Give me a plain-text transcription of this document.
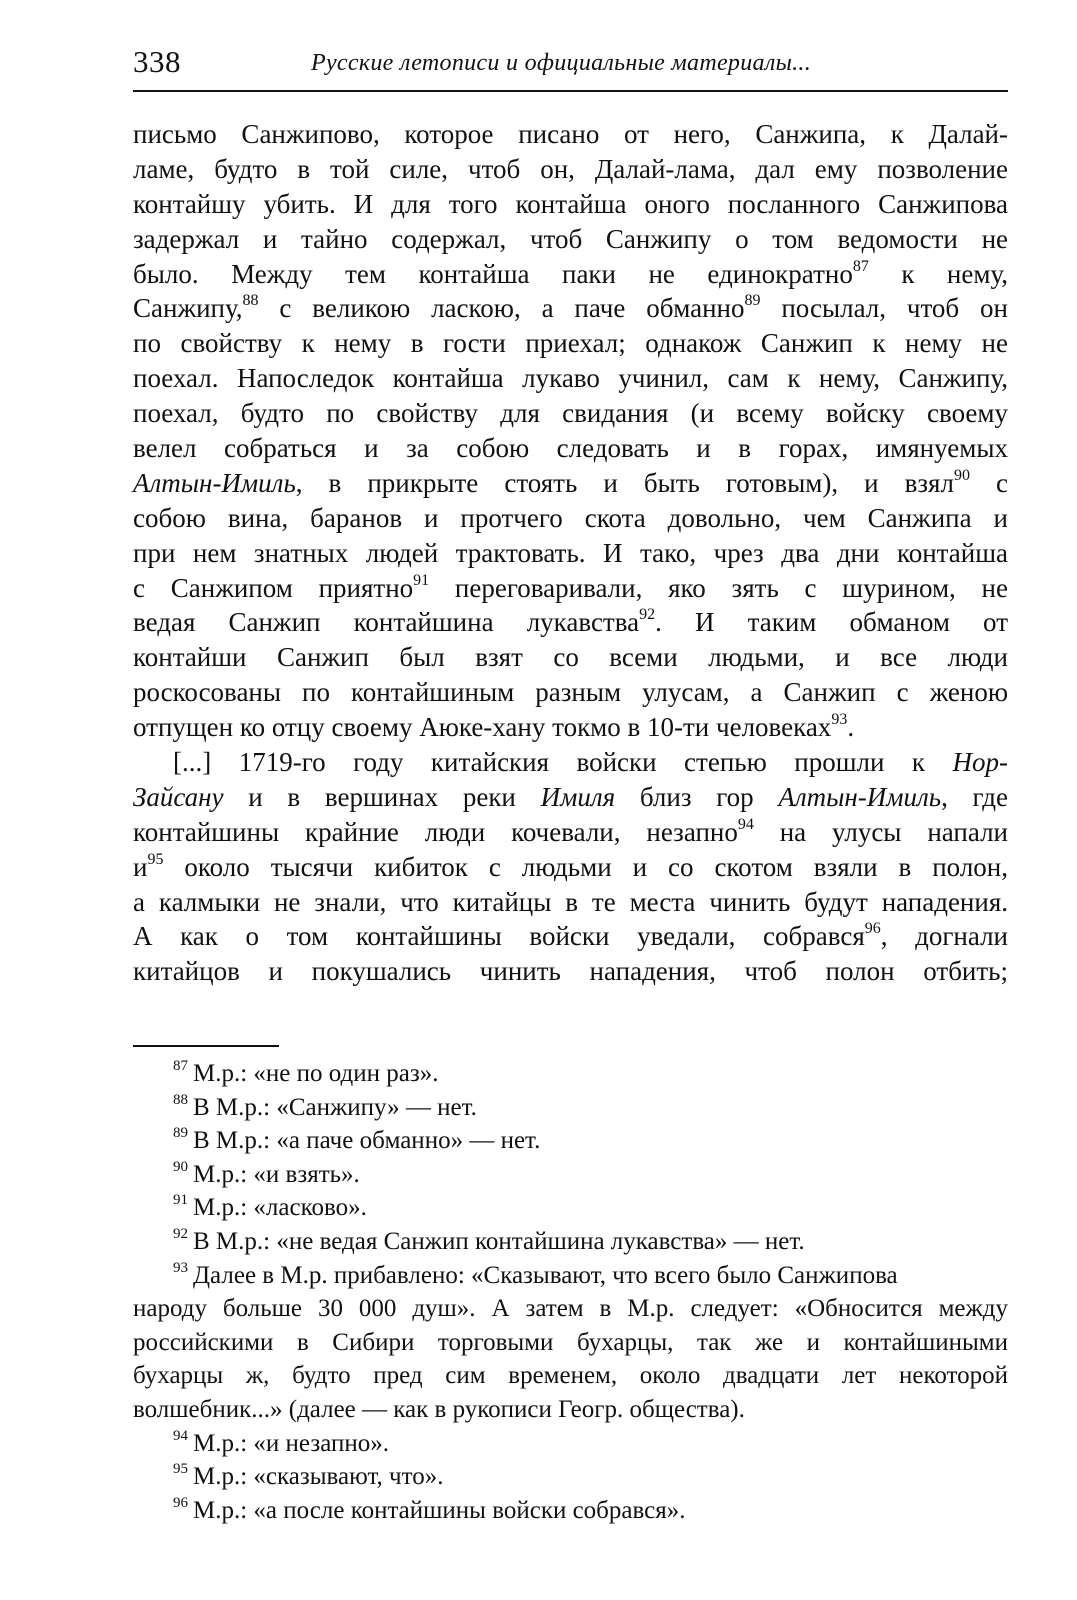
338	Русские летописи и официальные материалы...
письмо Санжипово, которое писано от него, Санжипа, к Далай-
ламе, будто в той силе, чтоб он, Далай-лама, дал ему позволение
контайшу убить. И для того контайша оного посланного Санжипова
задержал и тайно содержал, чтоб Санжипу о том ведомости не
было. Между тем контайша паки не единократно$^{87}$ к нему,
Санжипу,$^{88}$ с великою ласкою, а паче обманно$^{89}$ посылал, чтоб он
по свойству к нему в гости приехал; однакож Санжип к нему не
поехал. Напоследок контайша лукаво учинил, сам к нему, Санжипу,
поехал, будто по свойству для свидания (и всему войску своему
велел собраться и за собою следовать и в горах, имянуемых
Алтын-Имиль, в прикрыте стоять и быть готовым), и взял$^{90}$ с
собою вина, баранов и протчего скота довольно, чем Санжипа и
при нем знатных людей трактовать. И тако, чрез два дни контайша
с Санжипом приятно$^{91}$ переговаривали, яко зять с шурином, не
ведая Санжип контайшина лукавства$^{92}$. И таким обманом от
контайши Санжип был взят со всеми людьми, и все люди
роскосованы по контайшиным разным улусам, а Санжип с женою
отпущен ко отцу своему Аюке-хану токмо в 10-ти человеках$^{93}$.
[...] 1719-го году китайския войски степью прошли к Нор-
Зайсану и в вершинах реки Имиля близ гор Алтын-Имиль, где
контайшины крайние люди кочевали, незапно$^{94}$ на улусы напали
$и^{95}$ около тысячи кибиток с людьми и со скотом взяли в полон,
а калмыки не знали, что китайцы в те места чинить будут нападения.
А как о том контайшины войски уведали, собрався$^{96}$, догнали
китайцов и покушались чинить нападения, чтоб полон отбить;
$^{87}$ М.р.: «не по один раз».
$^{88}$ В М.р.: «Санжипу» — нет.
$^{89}$ В М.р.: «а паче обманно» — нет.
$^{90}$ М.р.: «и взять».
$^{91}$ М.р.: «ласково».
$^{92}$ В М.р.: «не ведая Санжип контайшина лукавства» — нет.
$^{93}$ Далее в М.р. прибавлено: «Сказывают, что всего было Санжипова
народу больше 30 000 душ». А затем в М.р. следует: «Обносится между
российскими в Сибири торговыми бухарцы, так же и контайшиными
бухарцы ж, будто пред сим временем, около двадцати лет некоторой
волшебник...» (далее — как в рукописи Геогр. общества).
$^{94}$ М.р.: «и незапно».
$^{95}$ М.р.: «сказывают, что».
$^{96}$ М.р.: «а после контайшины войски собрався».
